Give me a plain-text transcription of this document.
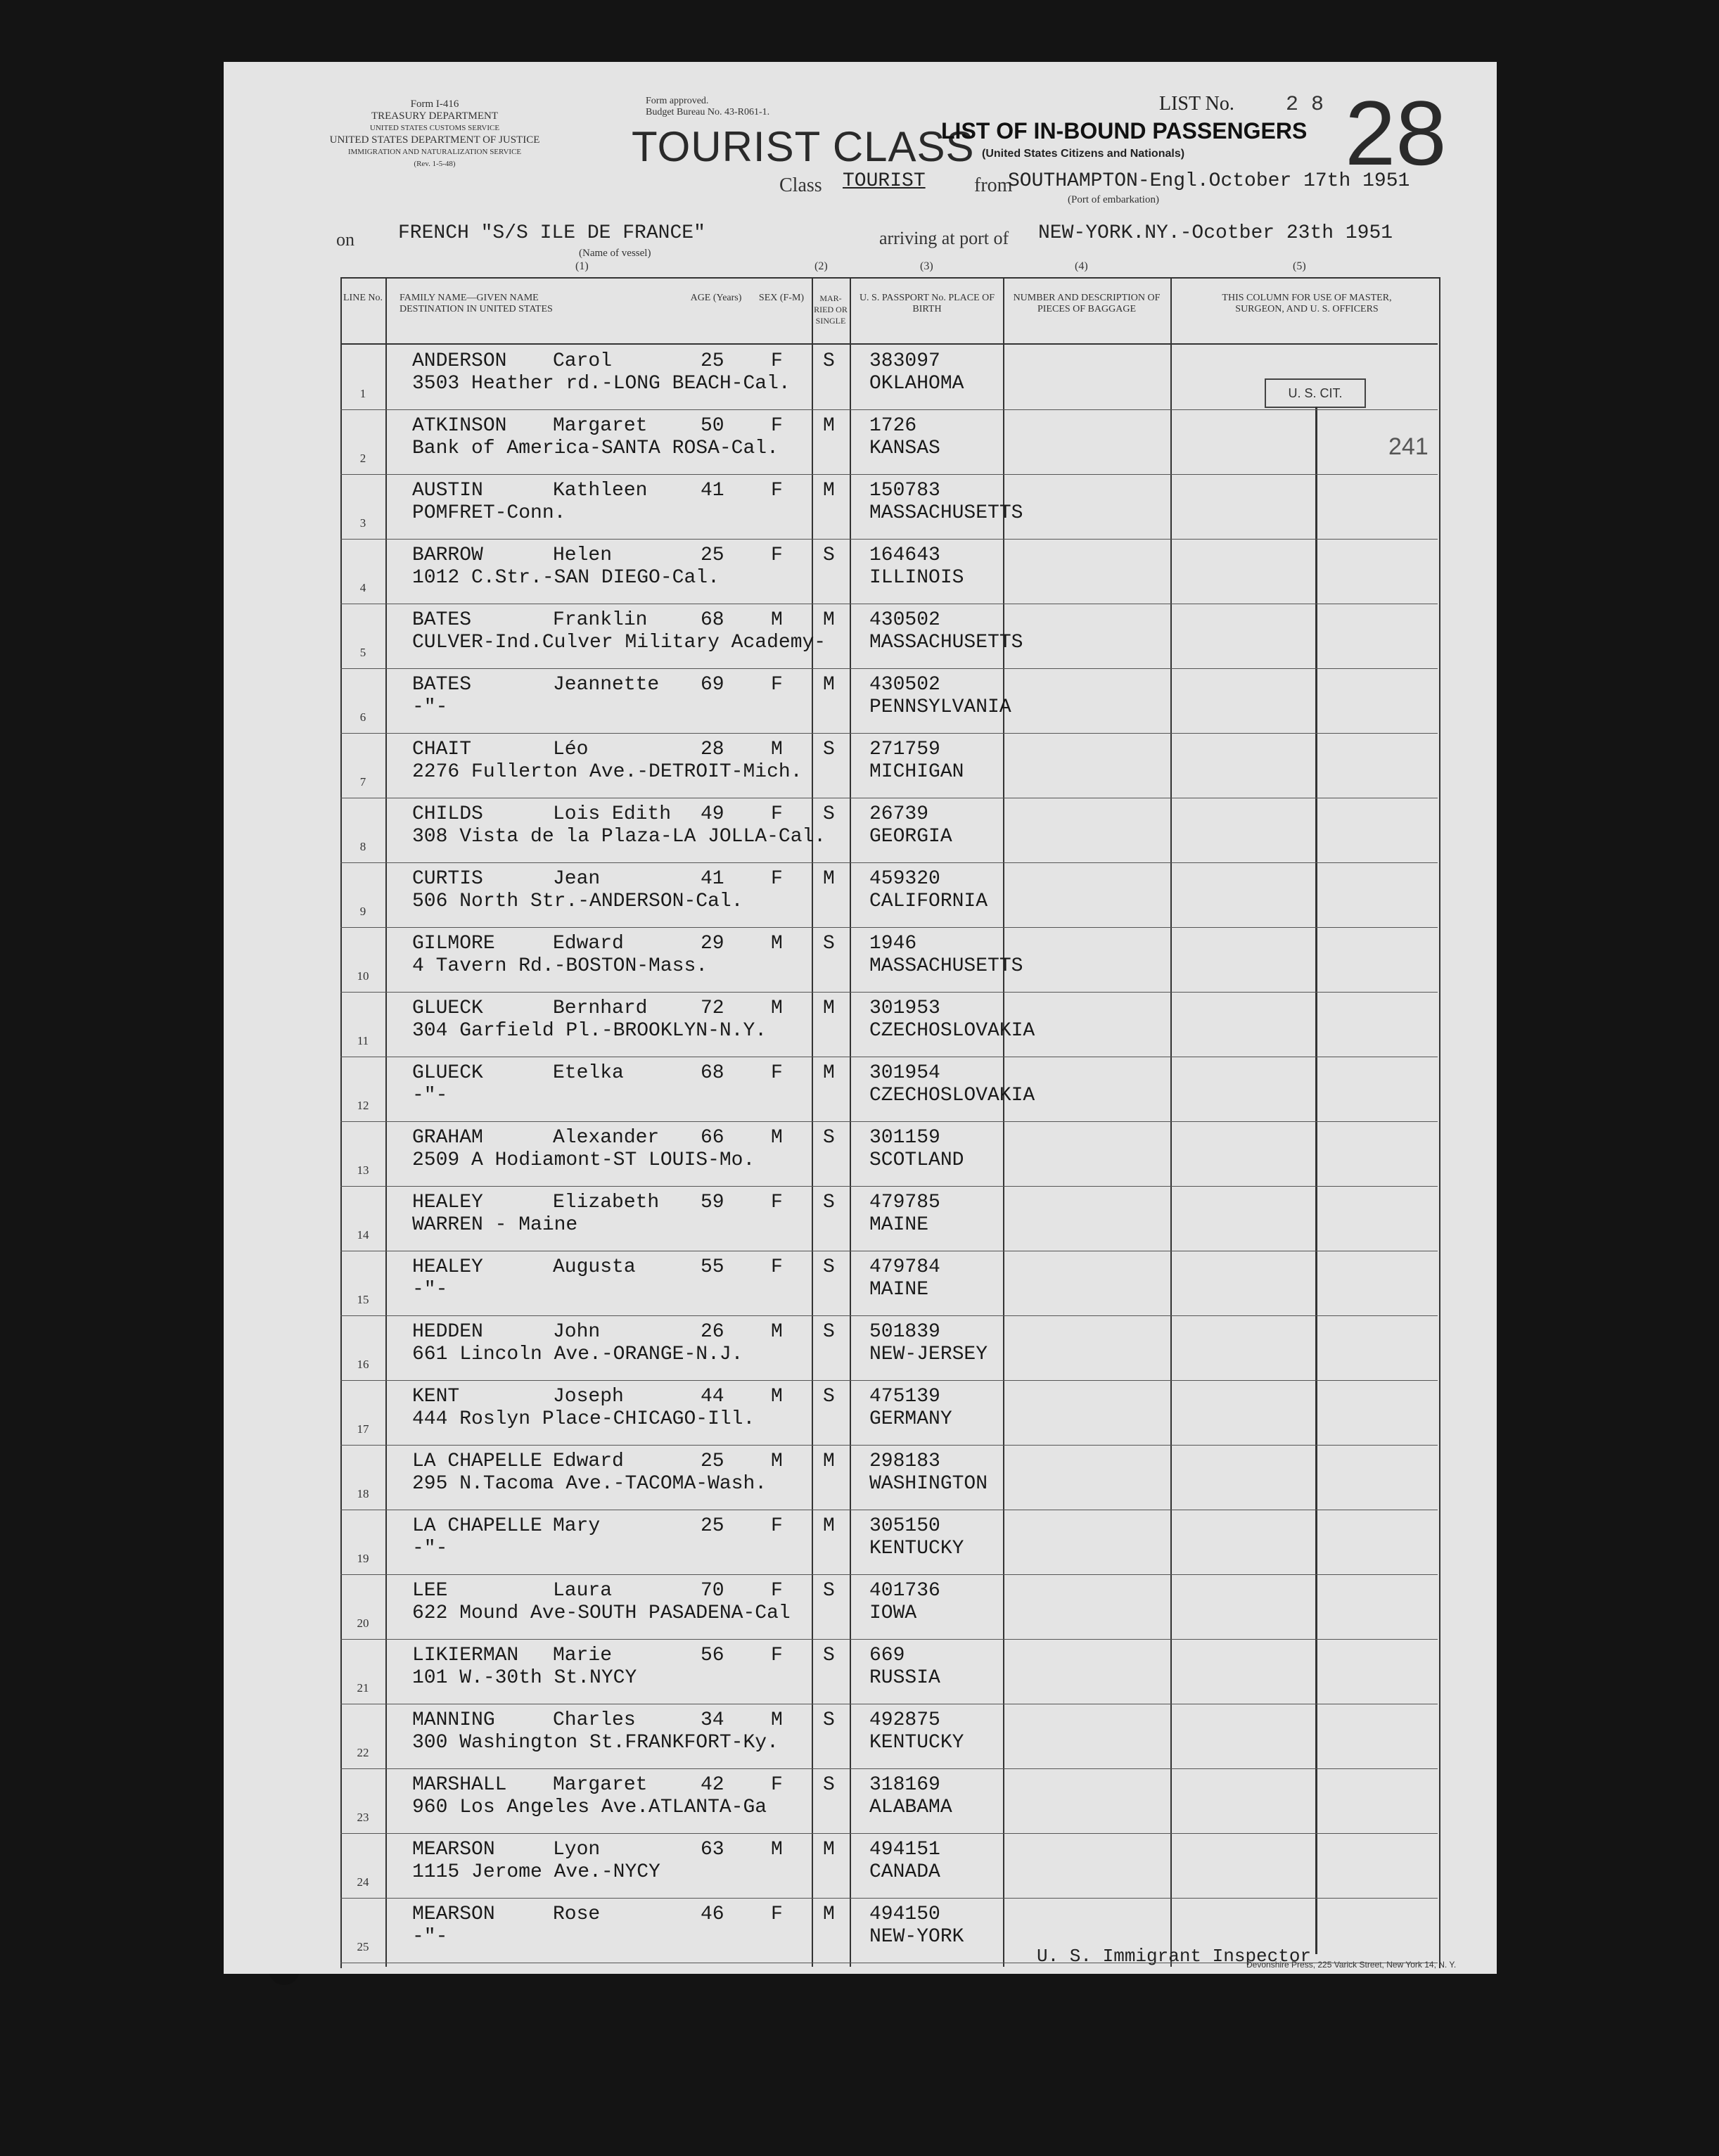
Form I-416
TREASURY DEPARTMENT
UNITED STATES CUSTOMS SERVICE
UNITED STATES DEPARTMENT OF JUSTICE
IMMIGRATION AND NATURALIZATION SERVICE
(Rev. 1-5-48)
Form approved.
Budget Bureau No. 43-R061-1.
TOURIST CLASS
LIST No. 2 8 28
LIST OF IN-BOUND PASSENGERS
(United States Citizens and Nationals)
Class TOURIST from
SOUTHAMPTON-Engl.October 17th 1951
(Port of embarkation)
on FRENCH "S/S ILE DE FRANCE"
(Name of vessel)
arriving at port of NEW-YORK.NY.-Ocotber 23th 1951
(1)	(2)	(3)	(4)	(5)
LINE No. FAMILY NAME—GIVEN NAME DESTINATION IN UNITED STATES
AGE (Years) SEX (F-M)	MAR-RIED OR SINGLE
U. S. PASSPORT No. PLACE OF BIRTH
NUMBER AND DESCRIPTION OF PIECES OF BAGGAGE
THIS COLUMN FOR USE OF MASTER, SURGEON, AND U. S. OFFICERS
U. S. CIT.
241
U. S. Immigrant Inspector
Devonshire Press, 225 Varick Street, New York 14, N. Y.
1
ANDERSON Carol	25 F S
3503 Heather rd.-LONG BEACH-Cal.
383097
OKLAHOMA
2
ATKINSON Margaret	50 F M
Bank of America-SANTA ROSA-Cal.
1726
KANSAS
3
AUSTIN	Kathleen	41 F M
POMFRET-Conn.
150783
MASSACHUSETTS
4
BARROW	Helen	25 F S
1012 C.Str.-SAN DIEGO-Cal.
164643
ILLINOIS
5
BATES	Franklin	68 M M
CULVER-Ind.Culver Military Academy-
430502
MASSACHUSETTS
6
BATES	Jeannette 69 F M
-"-
430502
PENNSYLVANIA
7
CHAIT	Léo	28 M S
2276 Fullerton Ave.-DETROIT-Mich.
271759
MICHIGAN
8
CHILDS	Lois Edith 49 F S
308 Vista de la Plaza-LA JOLLA-Cal.
26739
GEORGIA
9
CURTIS	Jean	41 F M
506 North Str.-ANDERSON-Cal.
459320
CALIFORNIA
10
GILMORE	Edward	29 M S
4 Tavern Rd.-BOSTON-Mass.
1946
MASSACHUSETTS
11
GLUECK	Bernhard	72 M M
304 Garfield Pl.-BROOKLYN-N.Y.
301953
CZECHOSLOVAKIA
12
GLUECK	Etelka	68 F M
-"-
301954
CZECHOSLOVAKIA
13
GRAHAM	Alexander 66 M S
2509 A Hodiamont-ST LOUIS-Mo.
301159
SCOTLAND
14
HEALEY	Elizabeth 59 F S
WARREN - Maine
479785
MAINE
15
HEALEY	Augusta	55 F S
-"-
479784
MAINE
16
HEDDEN	John	26 M S
661 Lincoln Ave.-ORANGE-N.J.
501839
NEW-JERSEY
17
KENT	Joseph	44 M S
444 Roslyn Place-CHICAGO-Ill.
475139
GERMANY
18
LA CHAPELLE Edward	25 M M
295 N.Tacoma Ave.-TACOMA-Wash.
298183
WASHINGTON
19
LA CHAPELLE Mary	25 F M
-"-
305150
KENTUCKY
20
LEE	Laura	70 F S
622 Mound Ave-SOUTH PASADENA-Cal
401736
IOWA
21
LIKIERMAN Marie	56 F S
101 W.-30th St.NYCY
669
RUSSIA
22
MANNING	Charles	34 M S
300 Washington St.FRANKFORT-Ky.
492875
KENTUCKY
23
MARSHALL Margaret	42 F S
960 Los Angeles Ave.ATLANTA-Ga
318169
ALABAMA
24
MEARSON	Lyon	63 M M
1115 Jerome Ave.-NYCY
494151
CANADA
25
MEARSON	Rose	46 F M
-"-
494150
NEW-YORK
